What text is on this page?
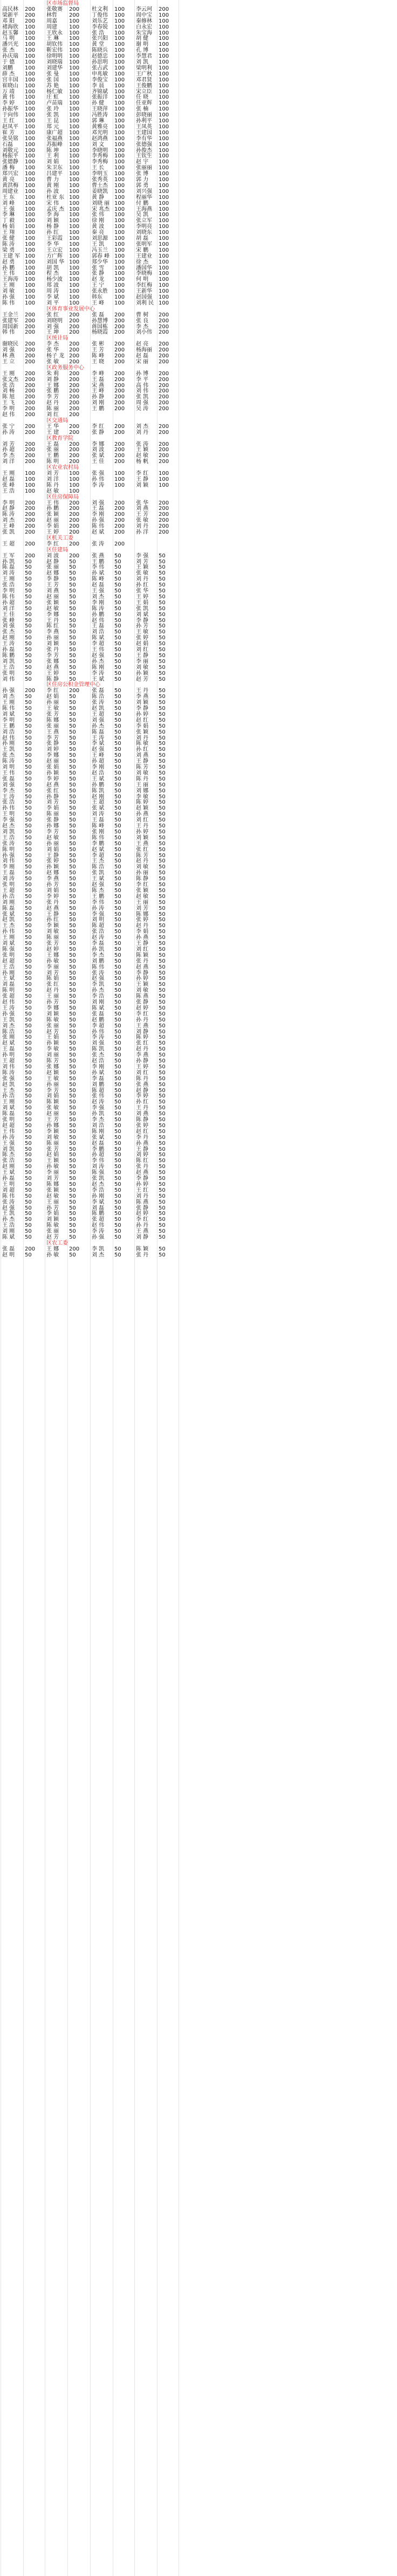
区市场监督局
高民林 200 张敬赛 200 杜文利 100 李云珂 200
梁新平 200 林哲 200 丁俊伟 100 周中宝 100
邓 阳 200 周嘉 100 刘乐艺 100 秦修林 100
褚海欣 100 周建 100 李春锐 100 白永宏 100
赵玉馨 100 王欣永 100 张 浩 100 朱宝海 100
马 明 100 王 琳 100 张兴阳 100 胡 健 100
潘兴光 100 胡钦伟 100 黄 堂 100 谢 明 100
张 杰 100 靳宏伟 100 陈晓兵 100 孔 博 100
孙庆瑞 100 徐明明 100 赵德忠 100 李慧君 100
于 德 100 刘晓瑞 100 孙思明 100 刘 凯 100
刘鹏 100 刘建华 100 张占武 100 梁明利 100
薛 杰 100 张 曼 100 申兆敏 100 王广秋 100
宫丰国 100 张 国 100 李俊宝 100 邓君贤 100
崔晓山 100 苏 艳 100 李 晨 100 王俊鹏 100
万 靖 100 杨仁敏 100 齐锦斌 100 宋立臣 100
黄 伟 100 庄 虹 100 张振洋 100 任 晓 100
李 婷 100 卢苗瑞 100 孙 健 100 任亚辉 100
孙振华 100 张 玲 100 王晓萍 100 张 楠 100
于向伟 100 张 凯 100 冯胜涛 100 彭晓丽 100
王 红 100 王 昆 100 郭 琳 100 孙利平 100
赵凤平 100 郑 元 100 黄雅亮 100 王凤英 100
崔 芳 100 康广超 100 邓光明 100 王建国 100
张昊铭 100 张福燕 100 赵鸿燕 100 李有华 100
石磊 100 苏振峰 100 刘 文 100 张德强 100
刘敬元 100 陈 坤 100 李晓明 100 孙俊杰 100
杨振平 100 王 利 100 李秀梅 100 王钦生 100
张德静 100 刘 娟 100 李秀梅 100 赵 宇 100
潘 梅 100 朱卫东 100 王 长 100 张丽丽 100
郑兴宏 100 吕建平 100 李明玉 100 张 博 100
黄 亮 100 曹 力 100 张秀英 100 郭 力 100
黄洪梅 100 黄 刚 100 曹士杰 100 郭 勇 100
周建业 100 孙 波 100 姜晓凯 100 刘兴强 100
王 东 100 杜亚 东 100 黄 静 100 程丽华 100
刘 峰 100 宋 伟 100 刘晓 丽 100 付 鹏 100
王 强 100 孟庆 杰 100 宋 兆杰 100 王海燕 100
李 琳 100 李 海 100 张 伟 100 吴 凯 100
丁 毅 100 刘 颖 100 徐 刚 100 张立军 100
杨 娟 100 杨 静 100 黄 波 100 李明亮 100
王 翔 100 孙 红 100 秦 亮 100 刘晓东 100
张 健 100 王彩霞 100 刘思源 100 胡 磊 100
陈 涛 100 李 华 100 王 凯 100 张明军 100
梁 勇 100 王立宏 100 冯玉兰 100 宋 鹏 100
王建 军 100 方广辉 100 郭春 峰 100 王建业 100
赵 勇 100 刘国 华 100 郑少华 100 徐 杰 100
孙 鹏 100 胡 凯 100 张 雪 100 潘国华 100
王 伟 100 程 杰 100 张 静 100 李晓梅 100
王海涛 100 杨少波 100 赵 龙 100 何 明 100
王 刚 100 郑 波 100 王 宁 100 李红梅 100
刘 敏 100 周 涛 100 张永胜 100 王新华 100
孙 强 100 李 斌 100 韩东 100 赵国强 100
陈 伟 100 刘 平 100 王 峰 100 刘利 民 100
区体育事业发展中心
王金兰 200 张 红 200 张 磊 200 曹 树 200
张建军 200 刘晓明 200 孙慧博 200 张 良 200
周国新 200 刘 强 200 蒋国栋 200 李 杰 200
韩 伟 200 王 坤 200 杨晓霞 200 刘小伟 200
区统计局
谢晓民 200 李 杰 200 张 彬 200 赵 亮 200
刘 强 200 张 华 200 王 芳 200 杨海丽 200
林 燕 200 杨子 龙 200 陈 峰 200 赵 磊 200
王 立 200 张 敏 200 王 晓 200 宋 丽 200
区政务服务中心
王 刚 200 朱 莉 200 李 峰 200 孙 博 200
张文杰 200 刘 静 200 王 磊 200 李 平 200
张 浩 200 王 娜 200 宋 燕 200 高 伟 200
刘 畅 200 张 鹏 200 王 峰 200 刘 伟 200
陈 旭 200 李 芳 200 孙 静 200 张 凯 200
王 飞 200 赵 丹 200 刘 刚 200 周 强 200
李 明 200 陈 丽 200 王 鹏 200 吴 涛 200
赵 伟 200 刘 红 200
区交通局
张 宁 200 王 华 200 李 红 200 刘 杰 200
孙 涛 200 王 建 200 张 静 200 刘 丹 200
区教育学院
刘 芳 200 王 磊 200 李 娜 200 张 涛 200
孙 超 200 张 丽 200 刘 波 200 王 颖 200
李 杰 200 王 鹏 200 张 斌 200 赵 敏 200
刘 洋 200 陈 明 200 王 佳 200 杨 帆 200
区农业农村局
王 刚 100 刘 芳 100 张 强 100 李 红 100
赵 磊 100 刘 洋 100 孙 伟 100 王 静 100
张 峰 100 陈 丹 100 李 涛 100 刘 颖 100
王 浩 100 赵 敏 100
区住房保障局
李 明 200 王 伟 200 刘 强 200 张 华 200
赵 静 200 孙 鹏 200 王 磊 200 刘 燕 200
陈 涛 200 张 颖 200 李 刚 200 王 芳 200
刘 杰 200 赵 丽 200 孙 强 200 张 敏 200
王 峰 200 李 娟 200 陈 伟 200 刘 丹 200
张 凯 200 王 婷 200 赵 斌 200 孙 洋 200
区机关工委
王 超 200 李 红 200 张 涛 200
区住建局
王 军 200 刘 波 200 张 燕 50	李 强 50
孙 凯 50	赵 静 50	王 鹏 50	刘 芳 50
陈 磊 50	张 丽 50	李 伟 50	王 颖 50
刘 涛 50	赵 娜 50	孙 斌 50	张 敏 50
王 刚 50	李 静 50	陈 峰 50	刘 丹 50
张 浩 50	王 芳 50	赵 磊 50	孙 红 50
李 明 50	刘 燕 50	王 强 50	张 华 50
陈 伟 50	赵 丽 50	刘 杰 50	王 婷 50
孙 超 50	张 颖 50	李 刚 50	王 娟 50
刘 洋 50	赵 敏 50	陈 涛 50	张 凯 50
王 佳 50	李 娜 50	孙 鹏 50	刘 斌 50
张 峰 50	王 丹 50	赵 伟 50	李 静 50
刘 强 50	陈 红 50	王 磊 50	孙 芳 50
张 杰 50	李 燕 50	刘 浩 50	王 敏 50
赵 刚 50	孙 丽 50	陈 斌 50	张 婷 50
王 涛 50	刘 颖 50	李 超 50	赵 娟 50
孙 磊 50	张 丹 50	王 伟 50	刘 红 50
陈 鹏 50	李 芳 50	赵 强 50	王 静 50
刘 凯 50	张 娜 50	孙 杰 50	李 丽 50
王 浩 50	赵 燕 50	陈 刚 50	刘 敏 50
张 明 50	王 婷 50	李 涛 50	孙 颖 50
刘 伟 50	陈 静 50	王 斌 50	赵 芳 50
区住房公积金管理中心
孙 强 200 李 红 200 张 磊 50	王 丹 50
刘 杰 50	赵 娟 50	陈 浩 50	李 燕 50
王 刚 50	孙 丽 50	张 涛 50	刘 颖 50
陈 伟 50	王 敏 50	赵 凯 50	李 静 50
刘 斌 50	张 芳 50	王 超 50	孙 婷 50
李 明 50	陈 娜 50	刘 强 50	赵 红 50
王 鹏 50	张 丽 50	孙 杰 50	李 娟 50
刘 浩 50	王 燕 50	陈 磊 50	张 颖 50
赵 伟 50	李 芳 50	王 涛 50	刘 丹 50
孙 刚 50	张 静 50	李 斌 50	陈 敏 50
王 凯 50	刘 婷 50	赵 强 50	孙 红 50
张 杰 50	李 娜 50	王 峰 50	刘 燕 50
陈 涛 50	赵 丽 50	孙 超 50	王 静 50
刘 明 50	张 娟 50	李 刚 50	陈 芳 50
王 伟 50	孙 颖 50	赵 浩 50	刘 敏 50
张 磊 50	李 婷 50	王 斌 50	陈 丹 50
刘 强 50	赵 燕 50	孙 鹏 50	王 丽 50
李 杰 50	张 红 50	陈 凯 50	刘 娜 50
王 涛 50	孙 静 50	赵 刚 50	李 敏 50
张 浩 50	刘 芳 50	王 超 50	陈 婷 50
孙 伟 50	李 娟 50	张 斌 50	赵 颖 50
王 明 50	陈 丽 50	刘 涛 50	孙 燕 50
李 强 50	张 静 50	王 磊 50	刘 红 50
赵 杰 50	孙 娜 50	陈 峰 50	王 丹 50
刘 凯 50	李 芳 50	张 刚 50	孙 婷 50
王 浩 50	赵 敏 50	陈 伟 50	刘 颖 50
张 涛 50	孙 丽 50	李 鹏 50	王 燕 50
陈 明 50	刘 娟 50	赵 斌 50	张 红 50
孙 强 50	王 静 50	李 超 50	陈 芳 50
刘 伟 50	张 婷 50	王 杰 50	赵 丹 50
李 刚 50	孙 颖 50	陈 浩 50	刘 敏 50
王 磊 50	赵 娜 50	张 凯 50	孙 丽 50
刘 涛 50	李 燕 50	王 斌 50	陈 静 50
张 明 50	孙 芳 50	赵 强 50	李 红 50
王 超 50	刘 娟 50	陈 杰 50	张 颖 50
孙 浩 50	李 婷 50	王 鹏 50	赵 敏 50
刘 刚 50	张 丹 50	李 伟 50	王 丽 50
陈 磊 50	赵 燕 50	孙 涛 50	刘 芳 50
张 斌 50	王 静 50	李 强 50	陈 娜 50
赵 凯 50	孙 红 50	刘 明 50	张 婷 50
王 杰 50	李 颖 50	陈 超 50	赵 丹 50
孙 伟 50	刘 敏 50	张 浩 50	李 娟 50
王 刚 50	陈 丽 50	赵 涛 50	孙 燕 50
刘 斌 50	张 芳 50	李 磊 50	王 静 50
陈 强 50	赵 婷 50	孙 凯 50	刘 红 50
张 明 50	王 娜 50	李 杰 50	陈 颖 50
赵 超 50	孙 敏 50	刘 鹏 50	张 丹 50
王 浩 50	李 丽 50	陈 伟 50	赵 燕 50
孙 刚 50	刘 芳 50	张 涛 50	李 静 50
王 斌 50	陈 娟 50	赵 强 50	孙 婷 50
刘 磊 50	张 红 50	李 凯 50	王 颖 50
陈 明 50	赵 丹 50	孙 杰 50	刘 敏 50
张 超 50	王 丽 50	李 浩 50	陈 燕 50
赵 伟 50	孙 芳 50	刘 刚 50	张 静 50
王 涛 50	李 娜 50	陈 斌 50	赵 婷 50
孙 强 50	刘 颖 50	张 磊 50	李 红 50
王 凯 50	陈 敏 50	赵 鹏 50	孙 丹 50
刘 杰 50	张 丽 50	李 超 50	王 燕 50
陈 浩 50	赵 芳 50	孙 伟 50	刘 静 50
张 刚 50	王 娟 50	李 涛 50	陈 婷 50
赵 斌 50	孙 颖 50	刘 强 50	张 红 50
王 磊 50	李 敏 50	陈 凯 50	赵 丹 50
孙 明 50	刘 丽 50	张 杰 50	李 燕 50
王 超 50	陈 芳 50	赵 浩 50	孙 静 50
刘 伟 50	张 娜 50	李 刚 50	王 婷 50
陈 涛 50	赵 颖 50	孙 斌 50	刘 红 50
张 强 50	王 敏 50	李 磊 50	陈 丹 50
赵 凯 50	孙 丽 50	刘 鹏 50	张 燕 50
王 杰 50	李 芳 50	陈 超 50	赵 静 50
孙 浩 50	刘 娟 50	张 伟 50	李 婷 50
王 刚 50	陈 颖 50	赵 涛 50	孙 红 50
刘 斌 50	张 敏 50	李 强 50	王 丹 50
陈 磊 50	赵 丽 50	孙 凯 50	刘 燕 50
张 明 50	王 芳 50	李 杰 50	陈 静 50
赵 超 50	孙 娜 50	刘 浩 50	张 婷 50
王 伟 50	李 颖 50	陈 刚 50	赵 红 50
孙 涛 50	刘 敏 50	张 斌 50	李 丹 50
王 强 50	陈 丽 50	赵 磊 50	孙 燕 50
刘 凯 50	张 芳 50	李 鹏 50	王 静 50
陈 杰 50	赵 娟 50	孙 超 50	刘 婷 50
张 浩 50	王 颖 50	李 伟 50	陈 红 50
赵 刚 50	孙 敏 50	刘 涛 50	张 丹 50
王 斌 50	李 丽 50	陈 强 50	赵 燕 50
孙 磊 50	刘 芳 50	张 凯 50	李 静 50
王 明 50	陈 娜 50	赵 杰 50	孙 婷 50
刘 超 50	张 颖 50	李 浩 50	王 红 50
陈 伟 50	赵 敏 50	孙 刚 50	刘 丹 50
张 涛 50	王 丽 50	李 斌 50	陈 燕 50
赵 强 50	孙 芳 50	刘 磊 50	张 静 50
王 凯 50	李 娟 50	陈 鹏 50	赵 婷 50
孙 杰 50	刘 颖 50	张 超 50	李 红 50
王 浩 50	陈 敏 50	赵 伟 50	孙 丹 50
刘 刚 50	张 丽 50	李 涛 50	王 燕 50
陈 斌 50	赵 芳 50	孙 强 50	刘 静 50
区农工委
张 磊 200 王 娜 200 李 凯 50	陈 颖 50
赵 明 50	孙 敏 50	刘 杰 50	张 丹 50
